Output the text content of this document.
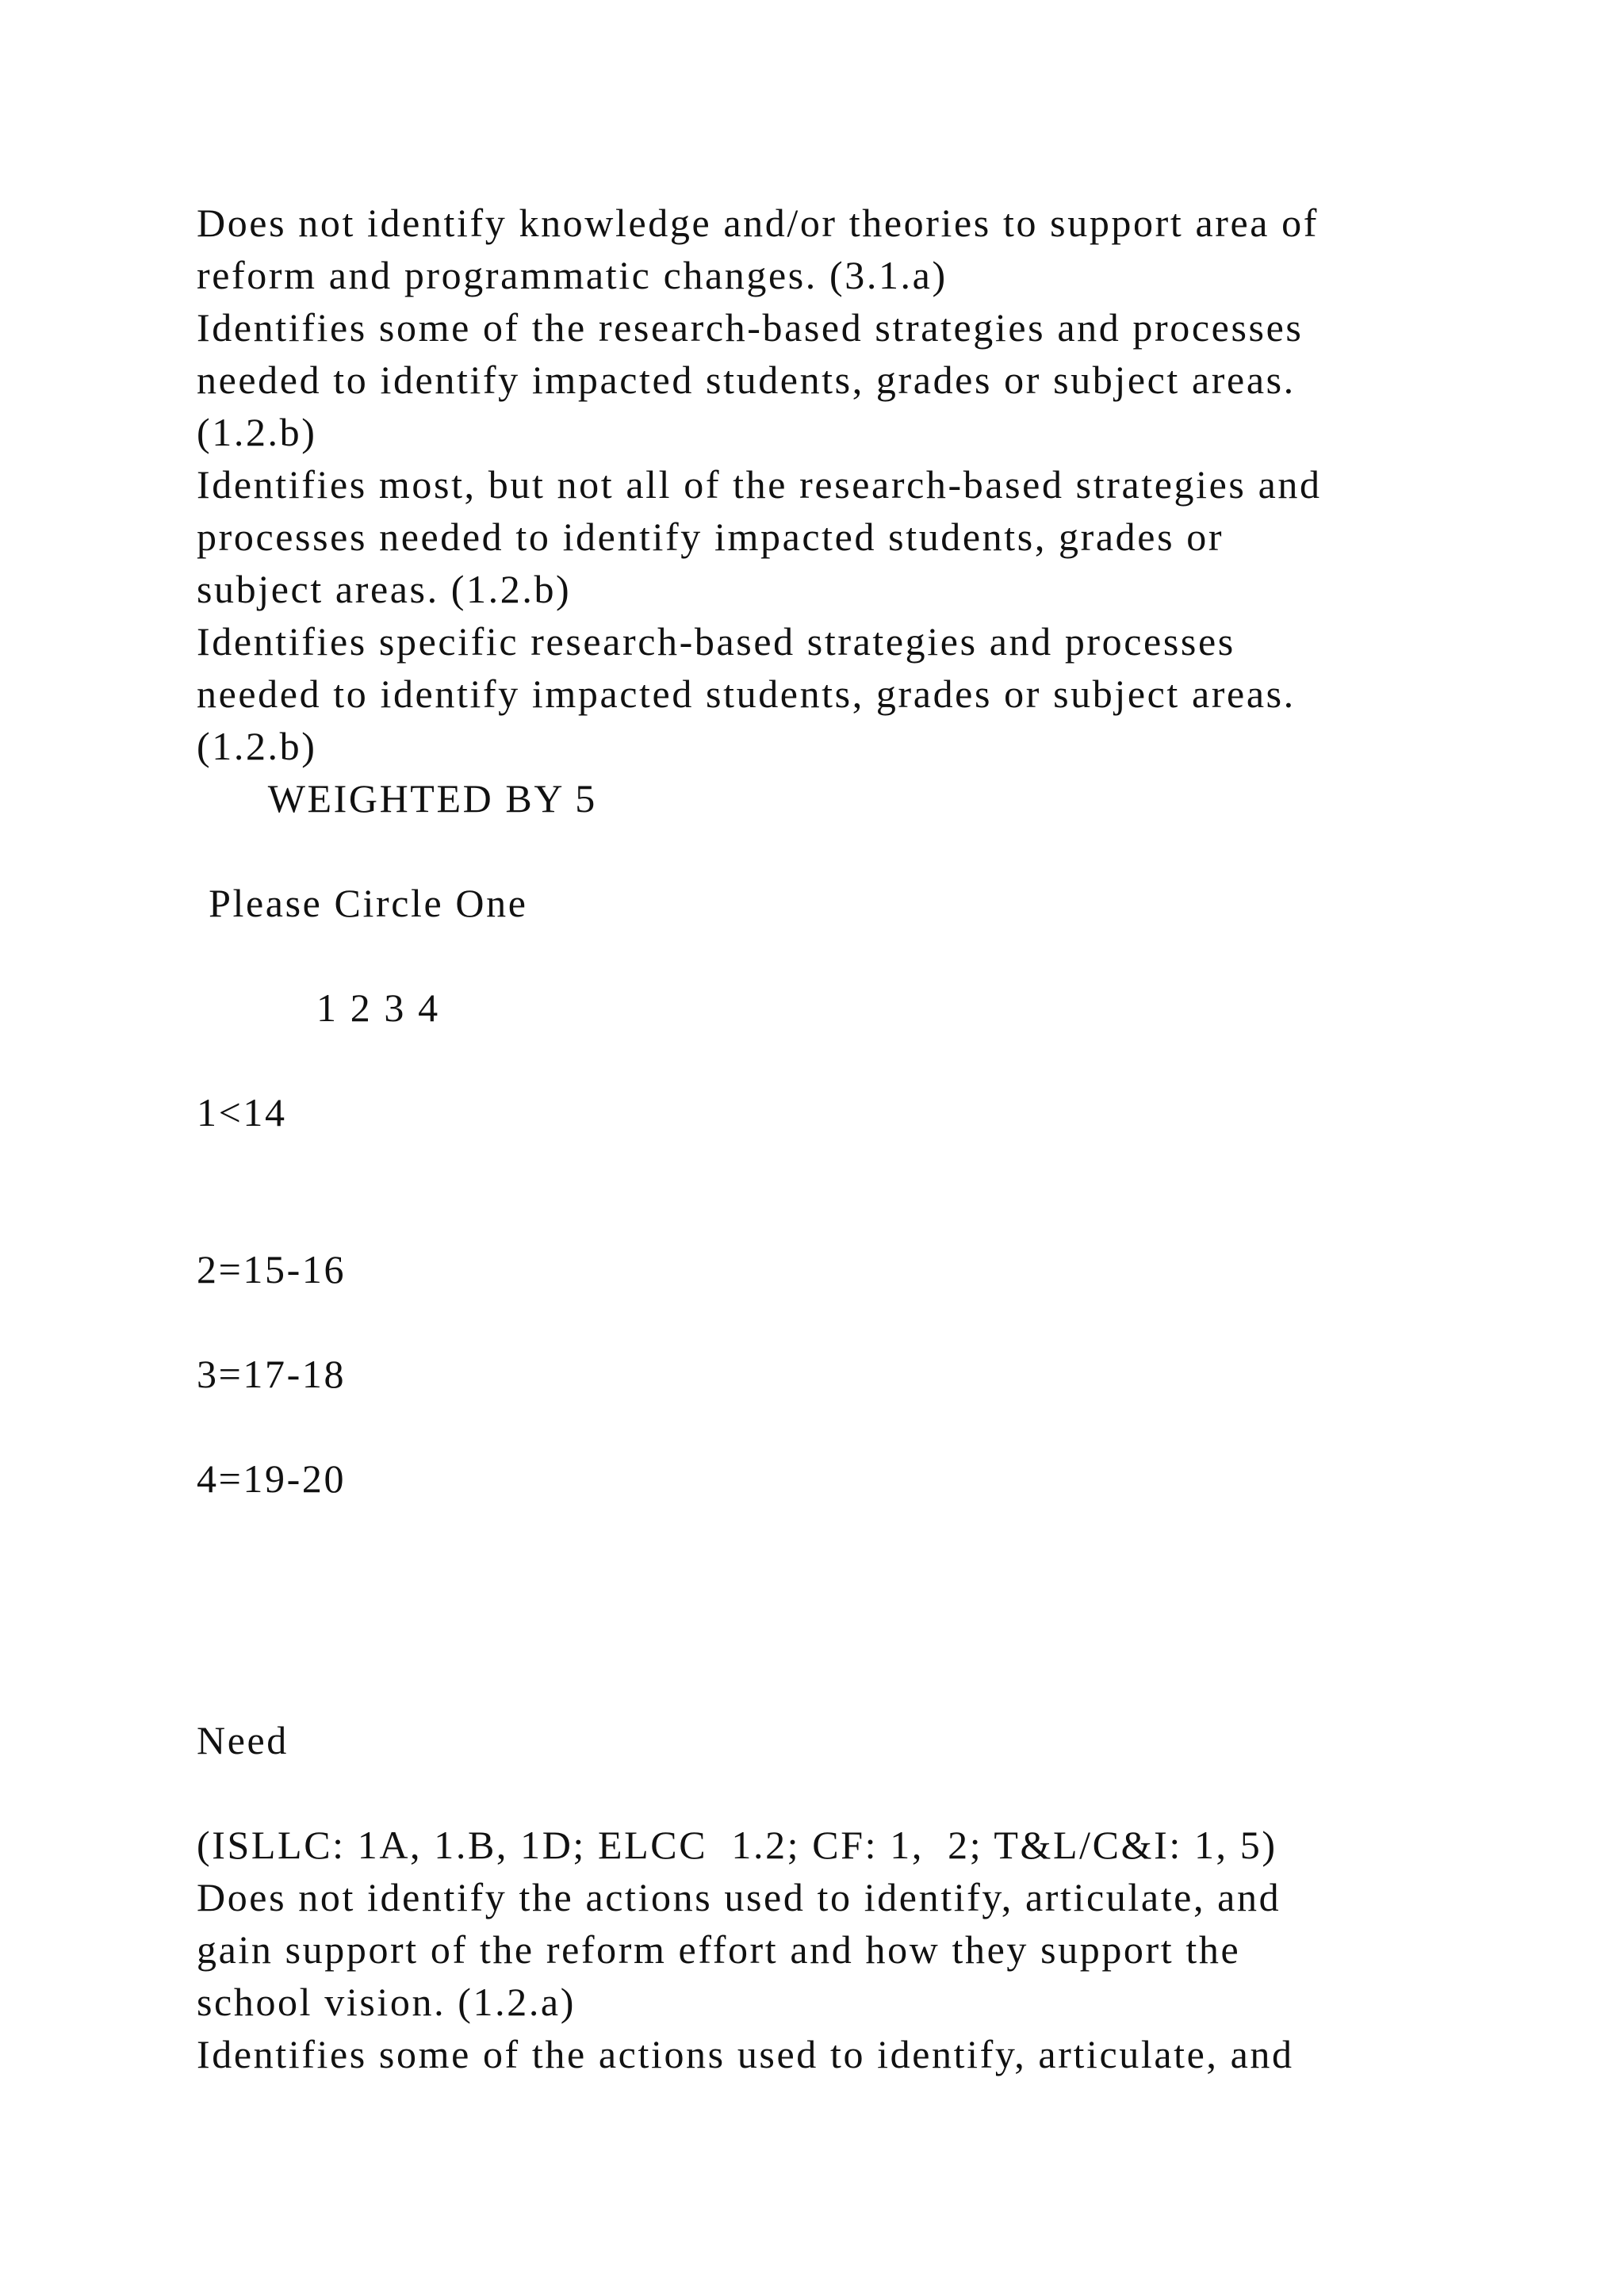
Does not identify knowledge and/or theories to support area of
reform and programmatic changes. (3.1.a)
Identifies some of the research-based strategies and processes
needed to identify impacted students, grades or subject areas.
(1.2.b)
Identifies most, but not all of the research-based strategies and
processes needed to identify impacted students, grades or
subject areas. (1.2.b)
Identifies specific research-based strategies and processes
needed to identify impacted students, grades or subject areas.
(1.2.b)
WEIGHTED BY 5
Please Circle One
1 2 3 4
1<14
2=15-16
3=17-18
4=19-20
Need
(ISLLC: 1A, 1.B, 1D; ELCC  1.2; CF: 1,  2; T&L/C&I: 1, 5)
Does not identify the actions used to identify, articulate, and
gain support of the reform effort and how they support the
school vision. (1.2.a)
Identifies some of the actions used to identify, articulate, and
